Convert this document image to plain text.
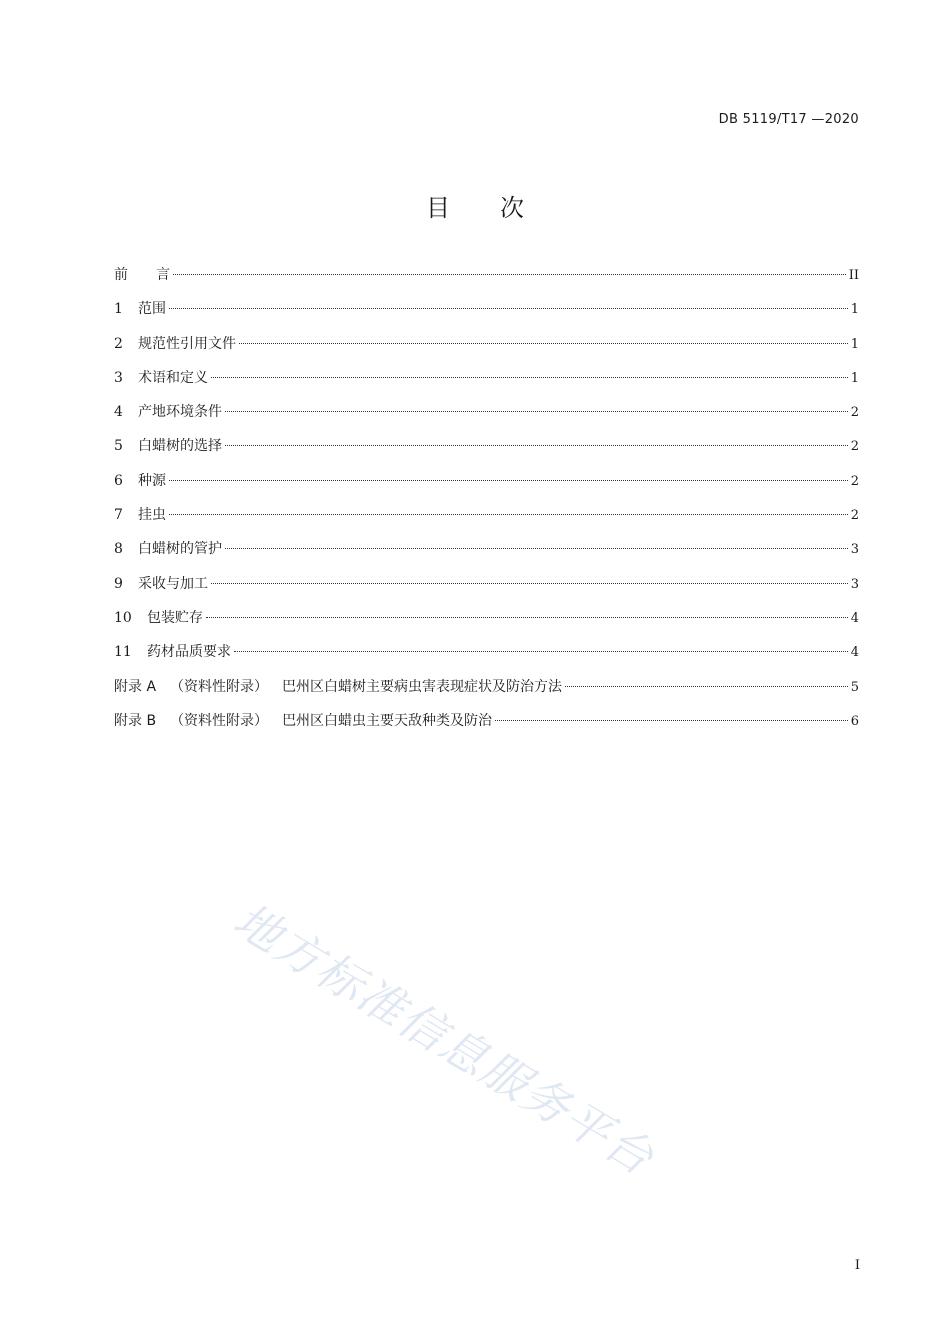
DB 5119/T17 —2020
目 次
前　　言	II
1	范围	1
2	规范性引用文件	1
3	术语和定义	1
4	产地环境条件	2
5	白蜡树的选择	2
6	种源	2
7	挂虫	2
8	白蜡树的管护	3
9	采收与加工	3
10	包装贮存	4
11	药材品质要求	4
附录 A （资料性附录） 巴州区白蜡树主要病虫害表现症状及防治方法	5
附录 B （资料性附录） 巴州区白蜡虫主要天敌种类及防治	6
地方标准信息服务平台
I
